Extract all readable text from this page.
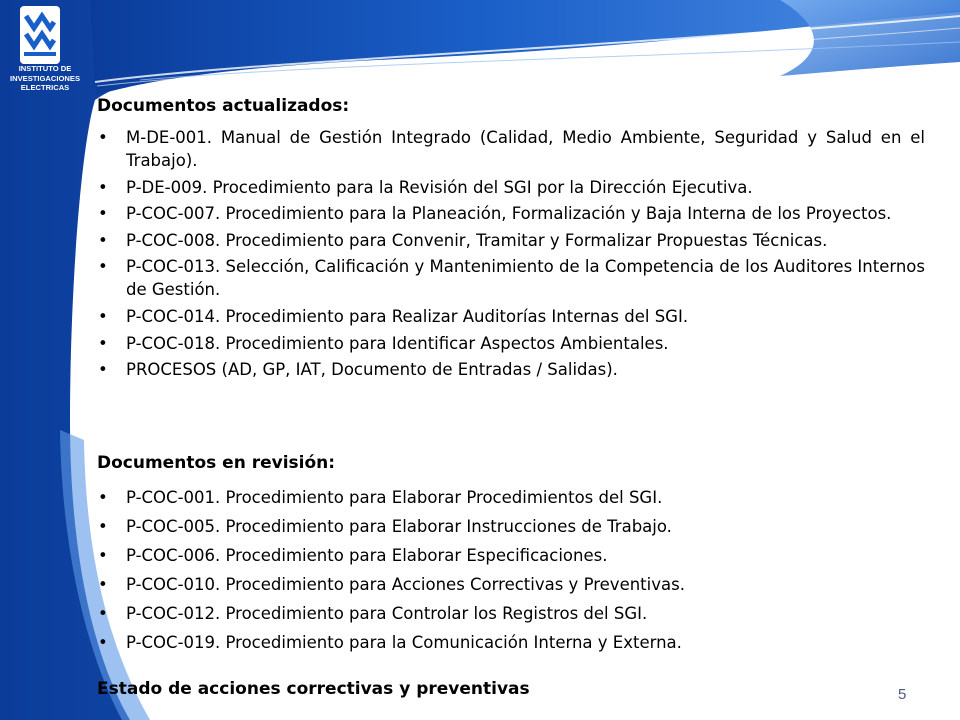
INSTITUTO DE
INVESTIGACIONES
ELECTRICAS
Documentos actualizados:
• M-DE-001. Manual de Gestión Integrado (Calidad, Medio Ambiente, Seguridad y Salud en el Trabajo).
• P-DE-009. Procedimiento para la Revisión del SGI por la Dirección Ejecutiva.
• P-COC-007. Procedimiento para la Planeación, Formalización y Baja Interna de los Proyectos.
• P-COC-008. Procedimiento para Convenir, Tramitar y Formalizar Propuestas Técnicas.
• P-COC-013. Selección, Calificación y Mantenimiento de la Competencia de los Auditores Internos de Gestión.
• P-COC-014. Procedimiento para Realizar Auditorías Internas del SGI.
• P-COC-018. Procedimiento para Identificar Aspectos Ambientales.
• PROCESOS (AD, GP, IAT, Documento de Entradas / Salidas).
Documentos en revisión:
• P-COC-001. Procedimiento para Elaborar Procedimientos del SGI.
• P-COC-005. Procedimiento para Elaborar Instrucciones de Trabajo.
• P-COC-006. Procedimiento para Elaborar Especificaciones.
• P-COC-010. Procedimiento para Acciones Correctivas y Preventivas.
• P-COC-012. Procedimiento para Controlar los Registros del SGI.
• P-COC-019. Procedimiento para la Comunicación Interna y Externa.
Estado de acciones correctivas y preventivas	5
